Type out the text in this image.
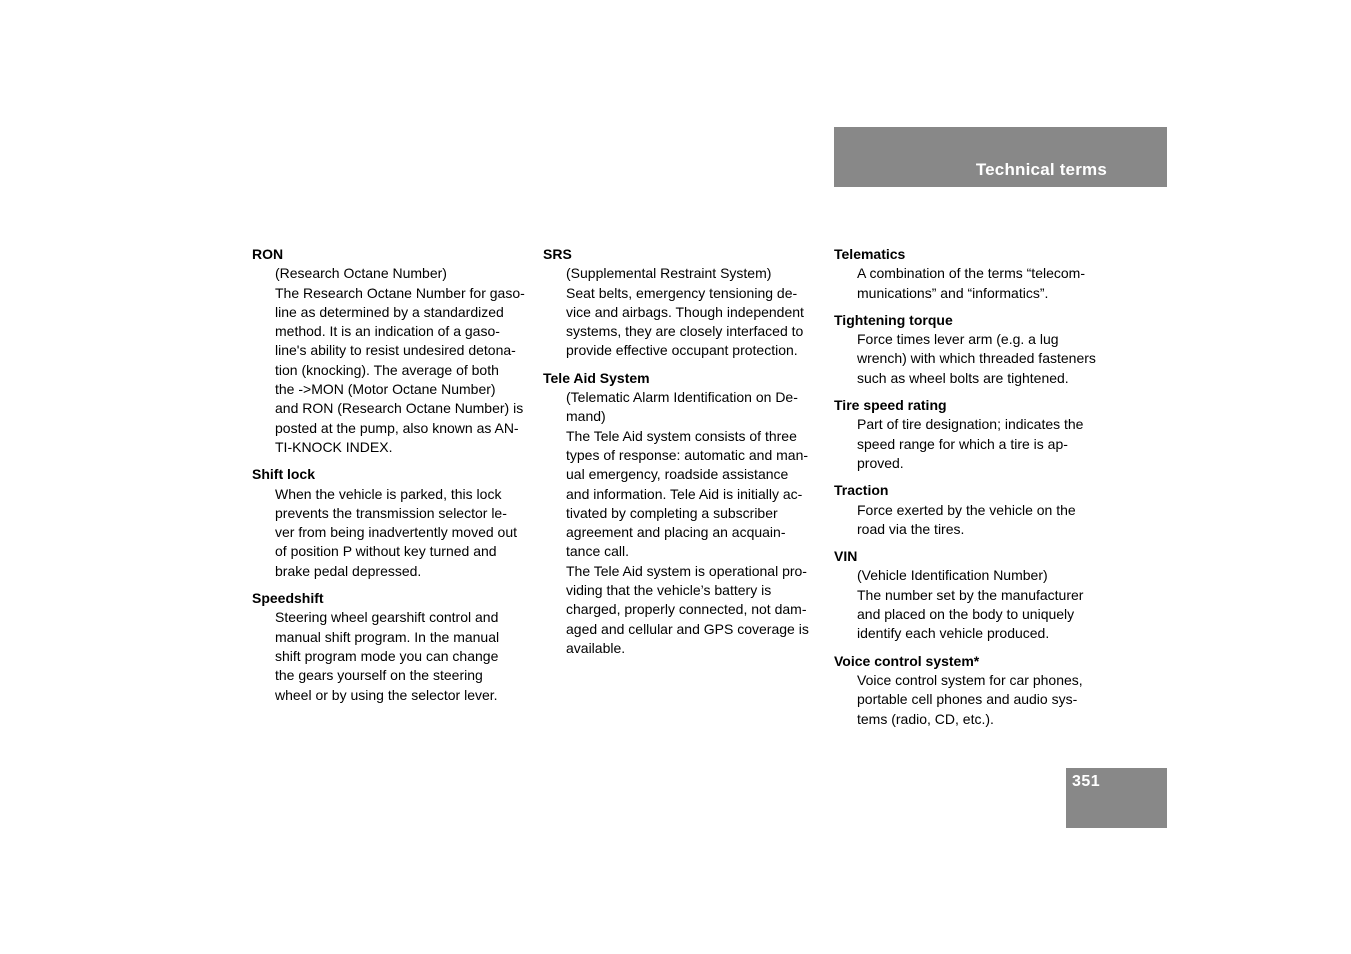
Technical terms
RON
(Research Octane Number)
The Research Octane Number for gaso-
line as determined by a standardized
method. It is an indication of a gaso-
line's ability to resist undesired detona-
tion (knocking). The average of both
the ->MON (Motor Octane Number)
and RON (Research Octane Number) is
posted at the pump, also known as AN-
TI-KNOCK INDEX.
Shift lock
When the vehicle is parked, this lock
prevents the transmission selector le-
ver from being inadvertently moved out
of position P without key turned and
brake pedal depressed.
Speedshift
Steering wheel gearshift control and
manual shift program. In the manual
shift program mode you can change
the gears yourself on the steering
wheel or by using the selector lever.
SRS
(Supplemental Restraint System)
Seat belts, emergency tensioning de-
vice and airbags. Though independent
systems, they are closely interfaced to
provide effective occupant protection.
Tele Aid System
(Telematic Alarm Identification on De-
mand)
The Tele Aid system consists of three
types of response: automatic and man-
ual emergency, roadside assistance
and information. Tele Aid is initially ac-
tivated by completing a subscriber
agreement and placing an acquain-
tance call.
The Tele Aid system is operational pro-
viding that the vehicle’s battery is
charged, properly connected, not dam-
aged and cellular and GPS coverage is
available.
Telematics
A combination of the terms “telecom-
munications” and “informatics”.
Tightening torque
Force times lever arm (e.g. a lug
wrench) with which threaded fasteners
such as wheel bolts are tightened.
Tire speed rating
Part of tire designation; indicates the
speed range for which a tire is ap-
proved.
Traction
Force exerted by the vehicle on the
road via the tires.
VIN
(Vehicle Identification Number)
The number set by the manufacturer
and placed on the body to uniquely
identify each vehicle produced.
Voice control system*
Voice control system for car phones,
portable cell phones and audio sys-
tems (radio, CD, etc.).
351
